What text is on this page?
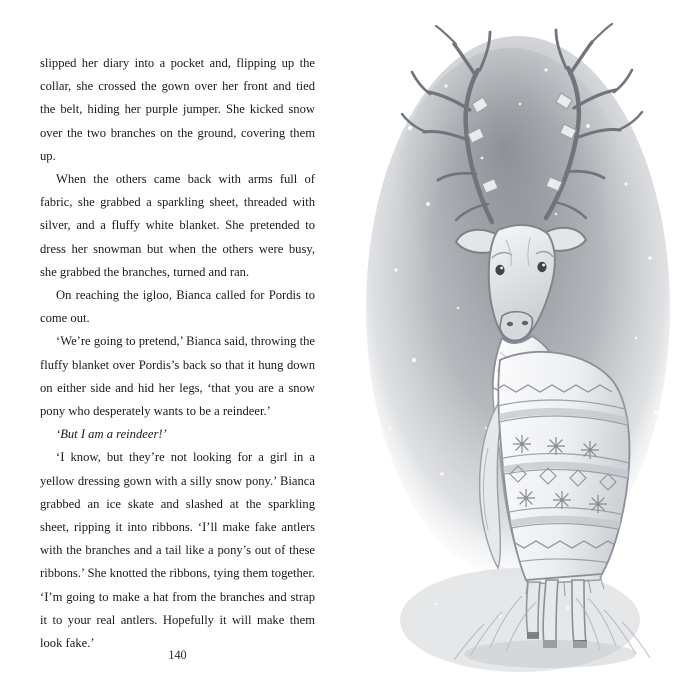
slipped her diary into a pocket and, flipping up the collar, she crossed the gown over her front and tied the belt, hiding her purple jumper. She kicked snow over the two branches on the ground, covering them up.

When the others came back with arms full of fabric, she grabbed a sparkling sheet, threaded with silver, and a fluffy white blanket. She pretended to dress her snowman but when the others were busy, she grabbed the branches, turned and ran.

On reaching the igloo, Bianca called for Pordis to come out.

‘We’re going to pretend,’ Bianca said, throwing the fluffy blanket over Pordis’s back so that it hung down on either side and hid her legs, ‘that you are a snow pony who desperately wants to be a reindeer.’

‘But I am a reindeer!’

‘I know, but they’re not looking for a girl in a yellow dressing gown with a silly snow pony.’ Bianca grabbed an ice skate and slashed at the sparkling sheet, ripping it into ribbons. ‘I’ll make fake antlers with the branches and a tail like a pony’s out of these ribbons.’ She knotted the ribbons, tying them together. ‘I’m going to make a hat from the branches and strap it to your real antlers. Hopefully it will make them look fake.’

140
